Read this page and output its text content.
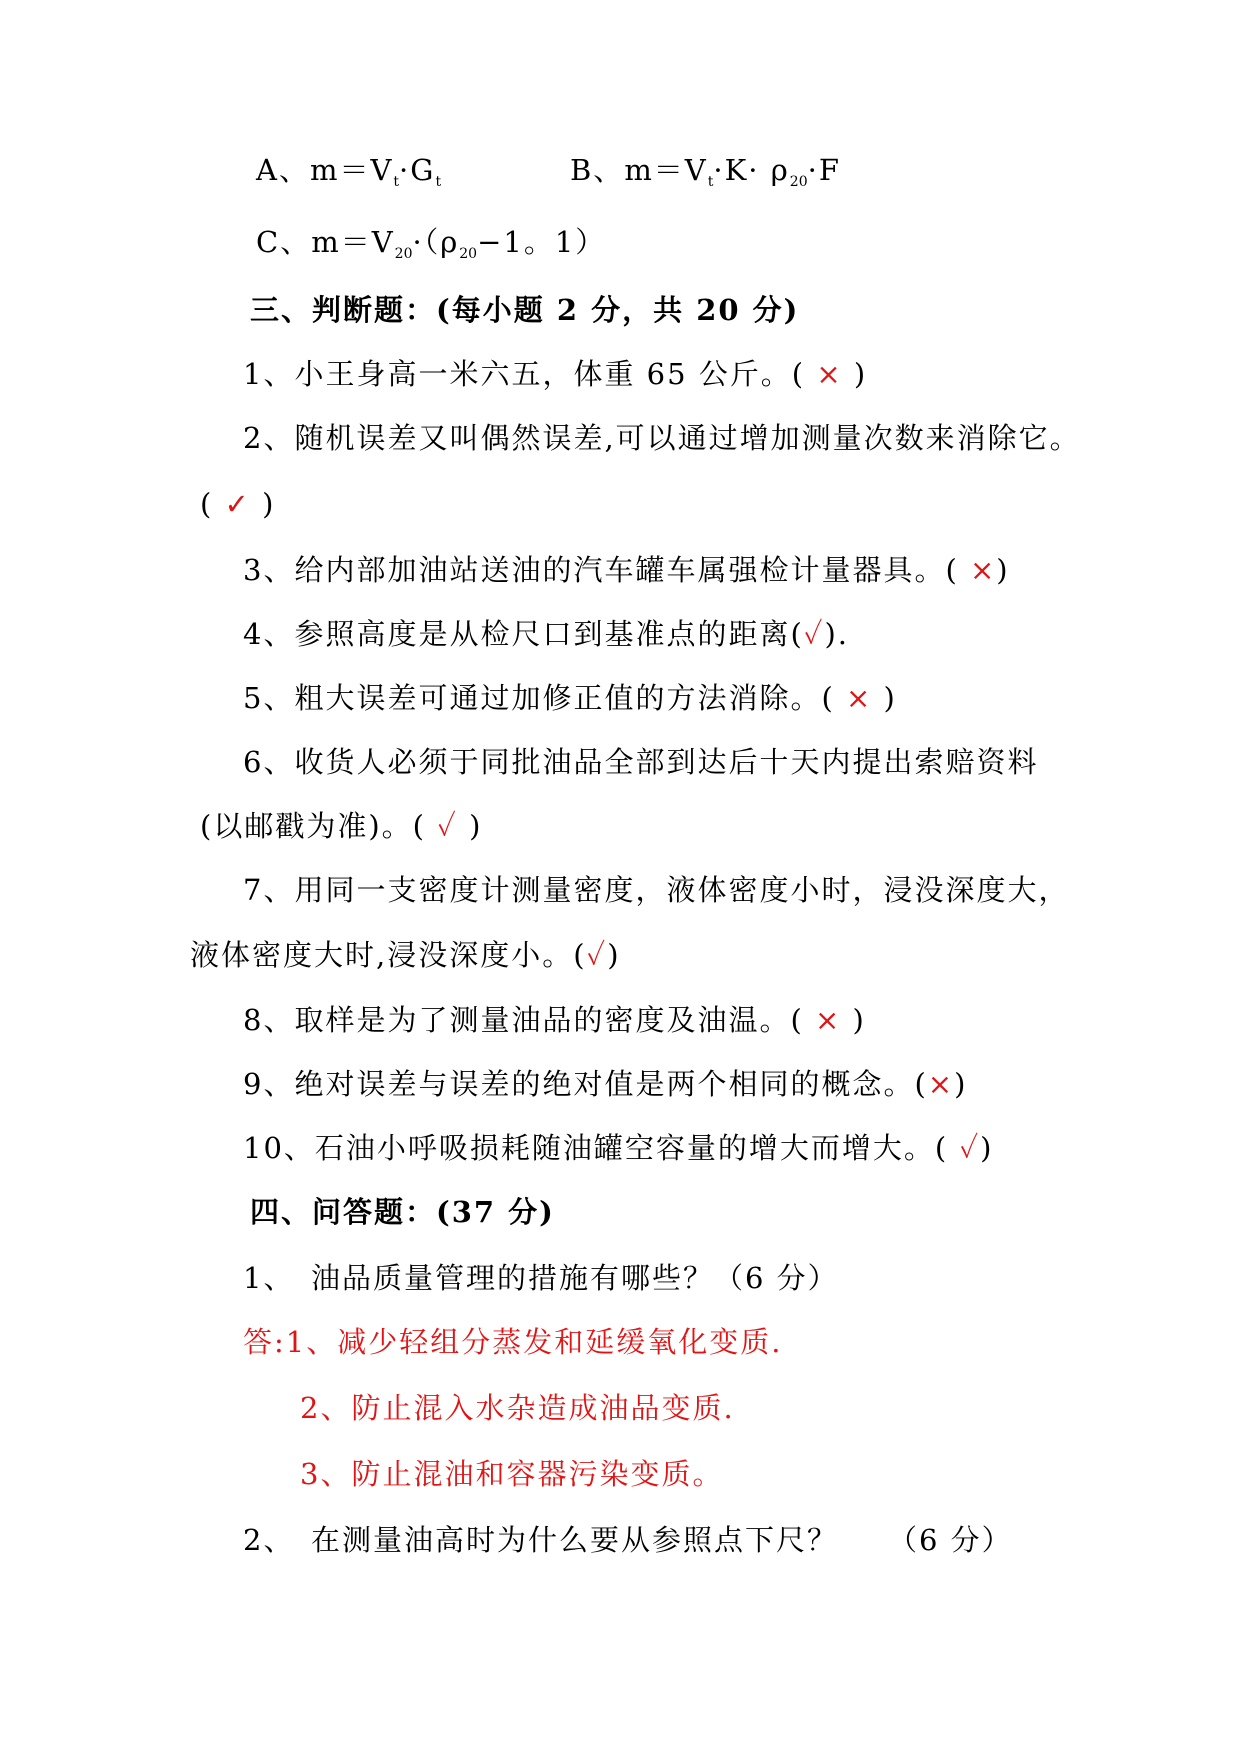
A、$m=V_t\cdot G_t$	B、$m=V_t\cdot K\cdot \rho_{20}\cdot F$
C、$m=V_{20}\cdot(\rho_{20}-1$。1）
三、判断题：(每小题 2 分，共 20 分)
1、小王身高一米六五，体重 65 公斤。( × )
2、随机误差又叫偶然误差,可以通过增加测量次数来消除它。
( ✓ )
3、给内部加油站送油的汽车罐车属强检计量器具。( ×)
4、参照高度是从检尺口到基准点的距离(✓).
5、粗大误差可通过加修正值的方法消除。( × )
6、收货人必须于同批油品全部到达后十天内提出索赔资料
(以邮戳为准)。( ✓ )
7、用同一支密度计测量密度，液体密度小时，浸没深度大，
液体密度大时,浸没深度小。(✓)
8、取样是为了测量油品的密度及油温。( × )
9、绝对误差与误差的绝对值是两个相同的概念。(×)
10、石油小呼吸损耗随油罐空容量的增大而增大。( ✓)
四、问答题：(37 分)
1、　油品质量管理的措施有哪些？（6 分）
答:1、减少轻组分蒸发和延缓氧化变质.
2、防止混入水杂造成油品变质.
3、防止混油和容器污染变质。
2、　在测量油高时为什么要从参照点下尺？ （6 分）
